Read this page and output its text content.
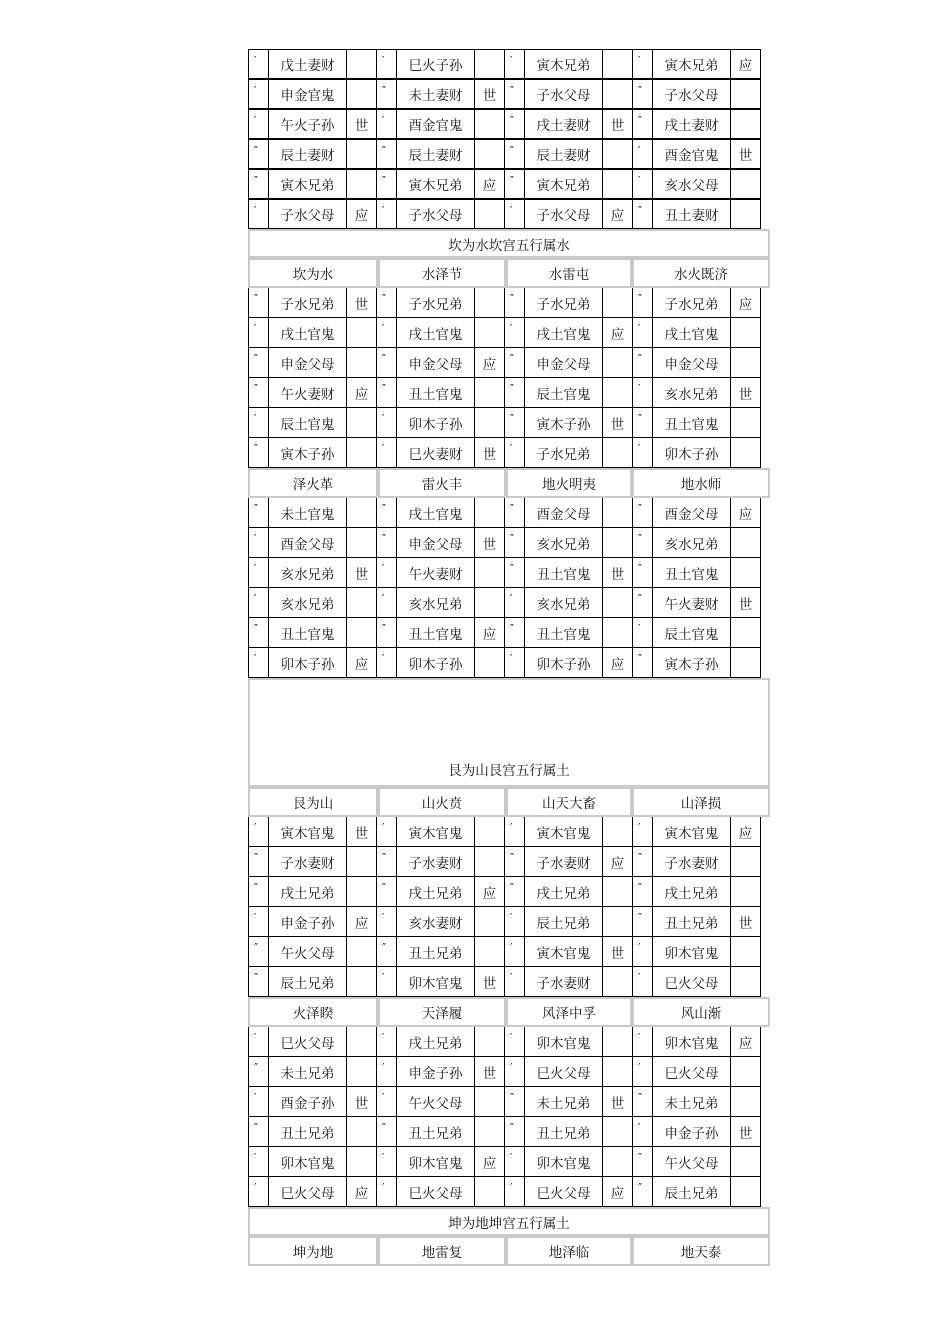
′	戊土妻财	′	巳火子孙	′	寅木兄弟	′	寅木兄弟	应
′	申金官鬼	″	未土妻财	世	″	子水父母	″	子水父母
′	午火子孙	世	′	酉金官鬼	″	戌土妻财	世	″	戌土妻财
″	辰土妻财	″	辰土妻财	″	辰土妻财	′	酉金官鬼	世
″	寅木兄弟	″	寅木兄弟	应	″	寅木兄弟	′	亥水父母
′	子水父母	应	′	子水父母	′	子水父母	应	″	丑土妻财
坎为水坎宫五行属水
坎为水	水泽节	水雷屯	水火既济
″	子水兄弟	世	″	子水兄弟	″	子水兄弟	″	子水兄弟	应
′	戌土官鬼	′	戌土官鬼	′	戌土官鬼	应	′	戌土官鬼
″	申金父母	″	申金父母	应	″	申金父母	″	申金父母
″	午火妻财	应	″	丑土官鬼	″	辰土官鬼	′	亥水兄弟	世
′	辰土官鬼	′	卯木子孙	″	寅木子孙	世	″	丑土官鬼
″	寅木子孙	′	巳火妻财	世	′	子水兄弟	′	卯木子孙
泽火革	雷火丰	地火明夷	地水师
″	未土官鬼	″	戌土官鬼	″	酉金父母	″	酉金父母	应
′	酉金父母	″	申金父母	世	″	亥水兄弟	″	亥水兄弟
′	亥水兄弟	世	′	午火妻财	″	丑土官鬼	世	″	丑土官鬼
′	亥水兄弟	′	亥水兄弟	′	亥水兄弟	″	午火妻财	世
″	丑土官鬼	″	丑土官鬼	应	″	丑土官鬼	′	辰土官鬼
′	卯木子孙	应	′	卯木子孙	′	卯木子孙	应	″	寅木子孙
艮为山艮宫五行属土
艮为山	山火贲	山天大畜	山泽损
′	寅木官鬼	世	′	寅木官鬼	′	寅木官鬼	′	寅木官鬼	应
″	子水妻财	″	子水妻财	″	子水妻财	应	″	子水妻财
″	戌土兄弟	″	戌土兄弟	应	″	戌土兄弟	″	戌土兄弟
′	申金子孙	应	′	亥水妻财	′	辰土兄弟	″	丑土兄弟	世
″	午火父母	″	丑土兄弟	′	寅木官鬼	世	′	卯木官鬼
″	辰土兄弟	′	卯木官鬼	世	′	子水妻财	′	巳火父母
火泽睽	天泽履	风泽中孚	风山渐
′	巳火父母	′	戌土兄弟	′	卯木官鬼	′	卯木官鬼	应
″	未土兄弟	′	申金子孙	世	′	巳火父母	′	巳火父母
′	酉金子孙	世	′	午火父母	″	未土兄弟	世	″	未土兄弟
″	丑土兄弟	″	丑土兄弟	″	丑土兄弟	′	申金子孙	世
′	卯木官鬼	′	卯木官鬼	应	′	卯木官鬼	″	午火父母
′	巳火父母	应	′	巳火父母	′	巳火父母	应	″	辰土兄弟
坤为地坤宫五行属土
坤为地	地雷复	地泽临	地天泰
